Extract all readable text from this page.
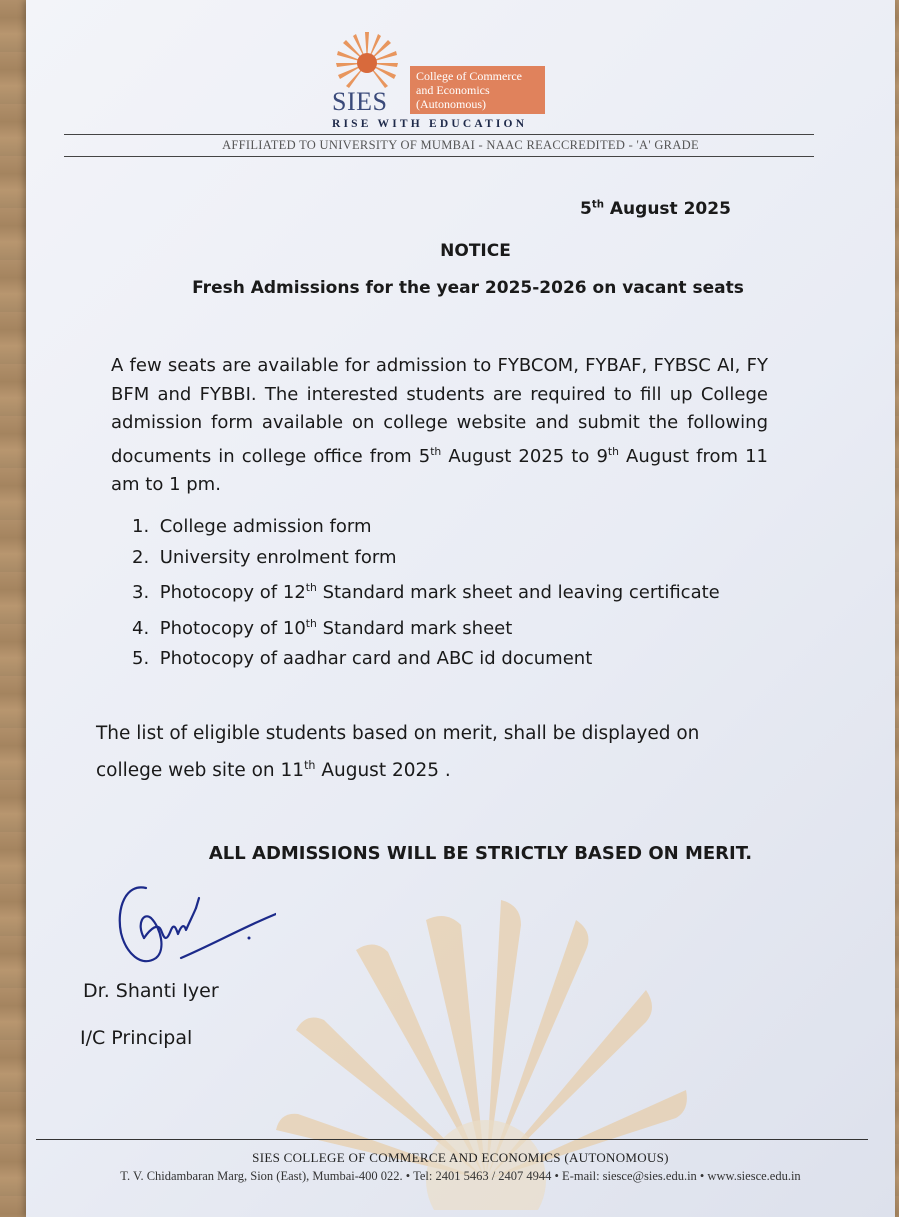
SIES
College of Commerce
and Economics
(Autonomous)
RISE WITH EDUCATION
AFFILIATED TO UNIVERSITY OF MUMBAI - NAAC REACCREDITED - 'A' GRADE
5th August 2025
NOTICE
Fresh Admissions for the year 2025-2026 on vacant seats
A few seats are available for admission to FYBCOM, FYBAF, FYBSC AI, FY BFM and FYBBI. The interested students are required to fill up College admission form available on college website and submit the following documents in college office from 5th August 2025 to 9th August from 11 am to 1 pm.
1. College admission form
2. University enrolment form
3. Photocopy of 12th Standard mark sheet and leaving certificate
4. Photocopy of 10th Standard mark sheet
5. Photocopy of aadhar card and ABC id document
The list of eligible students based on merit, shall be displayed on college web site on 11th August 2025 .
ALL ADMISSIONS WILL BE STRICTLY BASED ON MERIT.
Dr. Shanti Iyer
I/C Principal
SIES COLLEGE OF COMMERCE AND ECONOMICS (AUTONOMOUS)
T. V. Chidambaran Marg, Sion (East), Mumbai-400 022. • Tel: 2401 5463 / 2407 4944 • E-mail: siesce@sies.edu.in • www.siesce.edu.in
